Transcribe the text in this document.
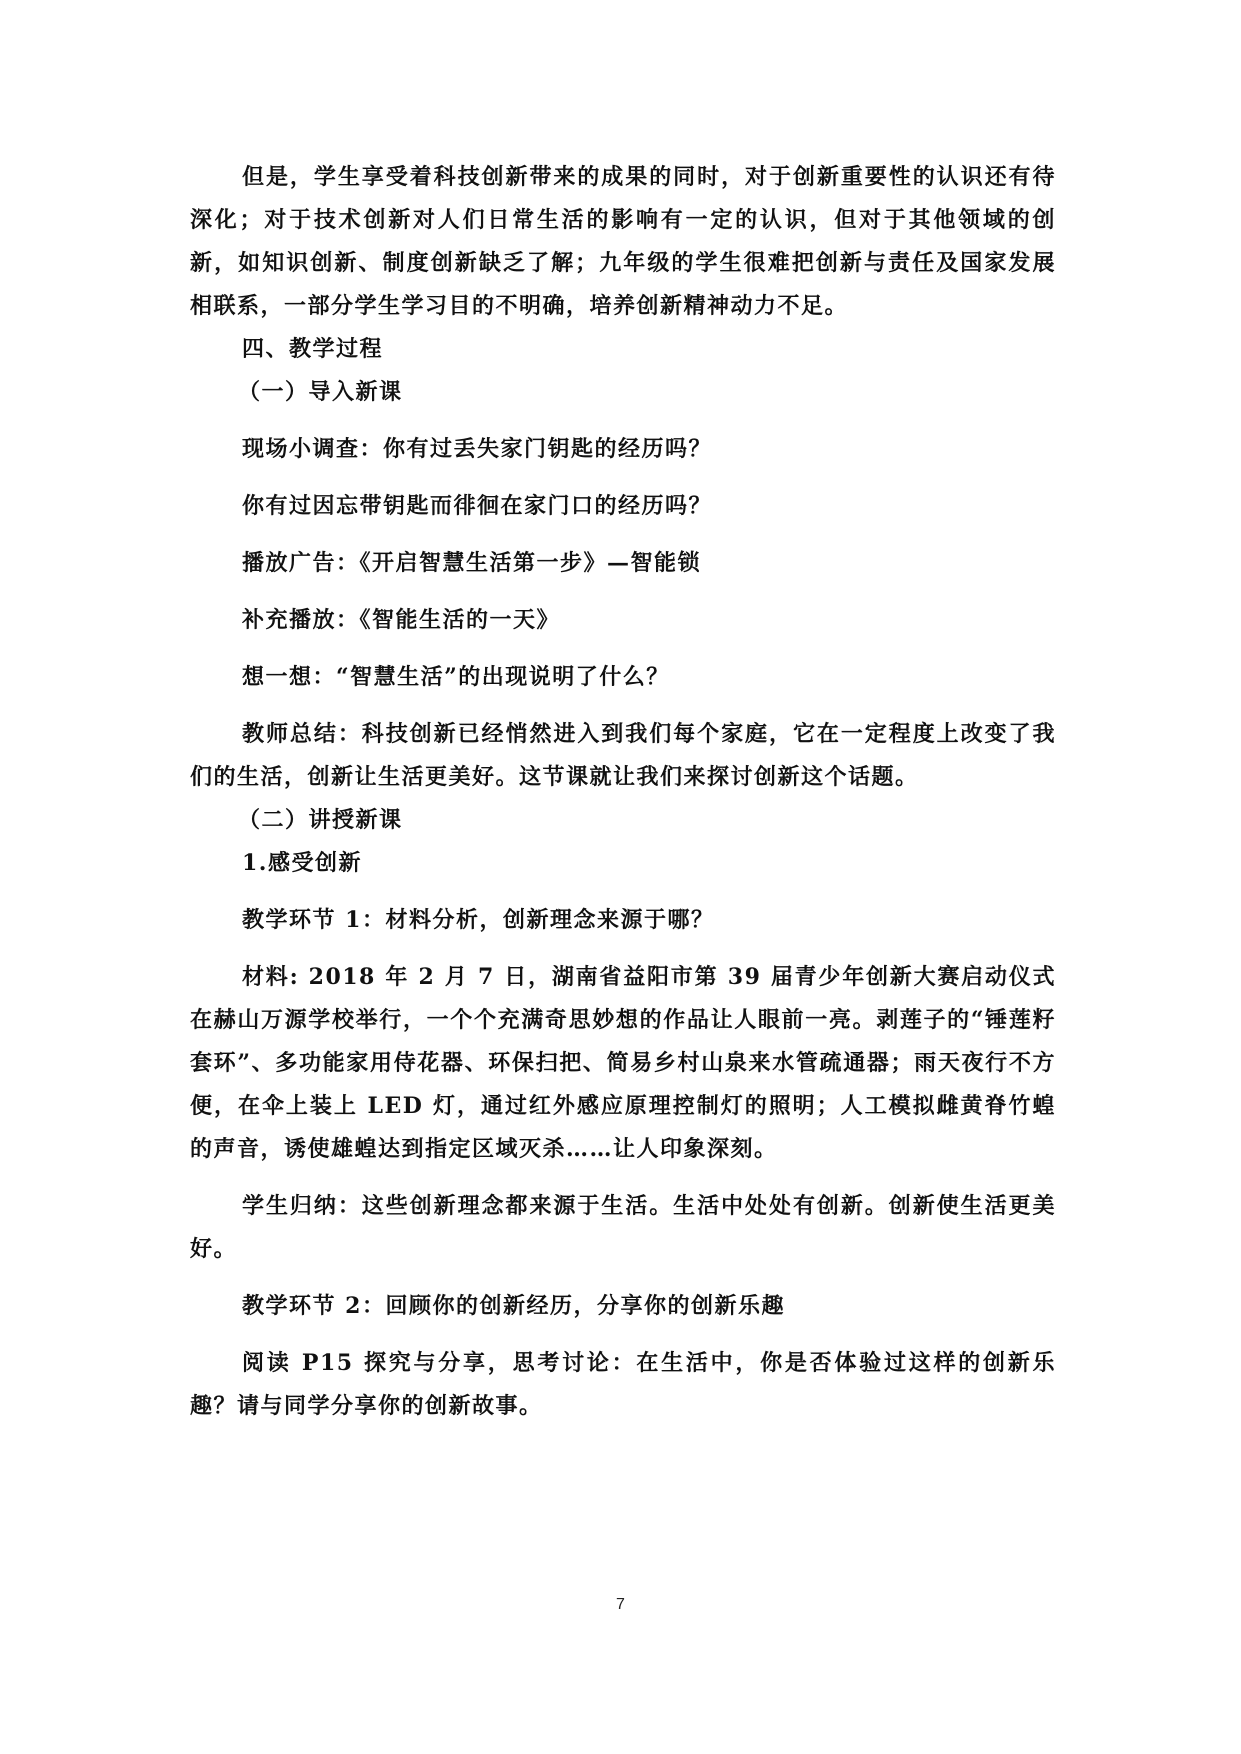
但是，学生享受着科技创新带来的成果的同时，对于创新重要性的认识还有待深化；对于技术创新对人们日常生活的影响有一定的认识，但对于其他领域的创新，如知识创新、制度创新缺乏了解；九年级的学生很难把创新与责任及国家发展相联系，一部分学生学习目的不明确，培养创新精神动力不足。

四、教学过程

（一）导入新课

现场小调查：你有过丢失家门钥匙的经历吗？

你有过因忘带钥匙而徘徊在家门口的经历吗？

播放广告：《开启智慧生活第一步》—智能锁

补充播放：《智能生活的一天》

想一想：“智慧生活”的出现说明了什么？

教师总结：科技创新已经悄然进入到我们每个家庭，它在一定程度上改变了我们的生活，创新让生活更美好。这节课就让我们来探讨创新这个话题。

（二）讲授新课

1.感受创新

教学环节 1：材料分析，创新理念来源于哪？

材料: 2018 年 2 月 7 日，湖南省益阳市第 39 届青少年创新大赛启动仪式在赫山万源学校举行，一个个充满奇思妙想的作品让人眼前一亮。剥莲子的“锤莲籽套环”、多功能家用侍花器、环保扫把、简易乡村山泉来水管疏通器；雨天夜行不方便，在伞上装上 LED 灯，通过红外感应原理控制灯的照明；人工模拟雌黄脊竹蝗的声音，诱使雄蝗达到指定区域灭杀……让人印象深刻。

学生归纳：这些创新理念都来源于生活。生活中处处有创新。创新使生活更美好。

教学环节 2：回顾你的创新经历，分享你的创新乐趣

阅读 P15 探究与分享，思考讨论：在生活中，你是否体验过这样的创新乐趣？请与同学分享你的创新故事。

7
